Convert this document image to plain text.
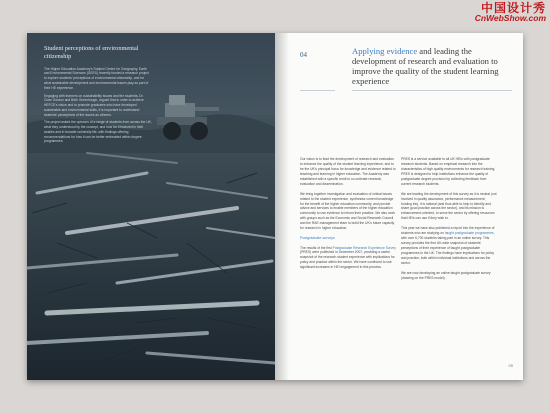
中国设计秀
CnWebShow.com
Student perceptions of environmental citizenship

The Higher Education Academy's Subject Centre for Geography, Earth and Environmental Sciences (GEES) recently funded a research project to explore students' perceptions of environmental citizenship, and for what sustainable development and environmental issues play as part of their HE experience.

Engaging with learners on sustainability issues and the students, Dr. Clare Gordon and Beth Greenhough, argued that in order to achieve HEFCE's vision and to promote graduates who have developed sustainable and environmental skills, it is important to understand students' perceptions of the issues as citizens.

The project asked the opinions of a range of students from across the UK, what they understood by the concept, and how far it featured in their studies and in broader university life, with findings offering recommendations for how it can be better embedded within degree programmes.

04	Applying evidence and leading the development of research and evaluation to improve the quality of the student learning experience

Our vision is to lead the development of research and evaluation to enhance the quality of the student learning experience, and to be the UK's principal focus for knowledge and evidence related to teaching and learning in higher education. The Academy was established with a specific remit to co-ordinate research, evaluation and dissemination.

We bring together investigation and evaluation of critical issues related to the student experience, synthesise current knowledge for the benefit of the higher education community, and provide advice and services to enable members of the higher education community to use evidence to inform their practice. We also work with groups such as the Economic and Social Research Council and the RAE management team to build the UK's future capacity for research in higher education.

Postgraduate surveys

The results of the first Postgraduate Research Experience Survey (PRES) were published in December 2007, providing a useful snapshot of the research student experience with implications for policy and practice within the sector. We have continued to use significant increases in HEI engagement in this process.

PRES is a service available to all UK HEIs with postgraduate research students. Based on empirical research into the characteristics of high quality environments for research training, PRES is designed to help institutions enhance the quality of postgraduate degree provision by collecting feedback from current research students.

We are leading the development of this survey as it is neutral (not involved in quality assurance, performance measurement, funding etc), it is rational (and thus able to help to identify and share good practice across the sector), and its mission is enhancement-oriented, to serve the sector by offering resources that HEIs can use if they wish to.

This year we have also published a report into the experience of students who are studying on taught postgraduate programmes, with over 6,700 students taking part in an online survey. This survey provides the first UK-wide snapshot of students' perceptions of their experience of taught postgraduate programmes in the UK. The findings have implications for policy and practice, both within individual institutions and across the sector.

We are now developing an online taught postgraduate survey (drawing on the PRES model).

05
